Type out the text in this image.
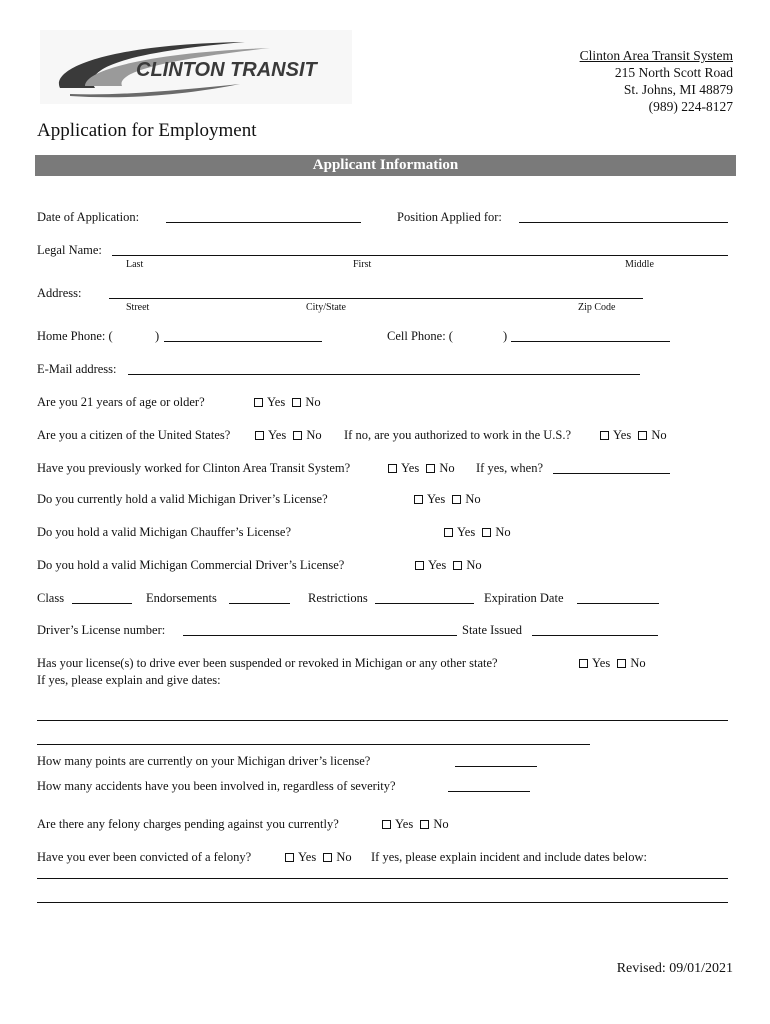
CLINTON TRANSIT
Clinton Area Transit System
215 North Scott Road
St. Johns, MI 48879
(989) 224-8127
Application for Employment
Applicant Information
Date of Application:	Position Applied for:
Legal Name:
Last	First	Middle
Address:
Street	City/State	Zip Code
Home Phone: (	)	Cell Phone: (	)
E-Mail address:
Are you 21 years of age or older?	Yes No
Are you a citizen of the United States?	Yes No	If no, are you authorized to work in the U.S.?	Yes No
Have you previously worked for Clinton Area Transit System?	Yes No	If yes, when?
Do you currently hold a valid Michigan Driver’s License?	Yes No
Do you hold a valid Michigan Chauffer’s License?	Yes No
Do you hold a valid Michigan Commercial Driver’s License?	Yes No
Class	Endorsements	Restrictions	Expiration Date
Driver’s License number:	State Issued
Has your license(s) to drive ever been suspended or revoked in Michigan or any other state?	Yes No
If yes, please explain and give dates:
How many points are currently on your Michigan driver’s license?
How many accidents have you been involved in, regardless of severity?
Are there any felony charges pending against you currently?	Yes No
Have you ever been convicted of a felony?	Yes No	If yes, please explain incident and include dates below:
Revised: 09/01/2021
